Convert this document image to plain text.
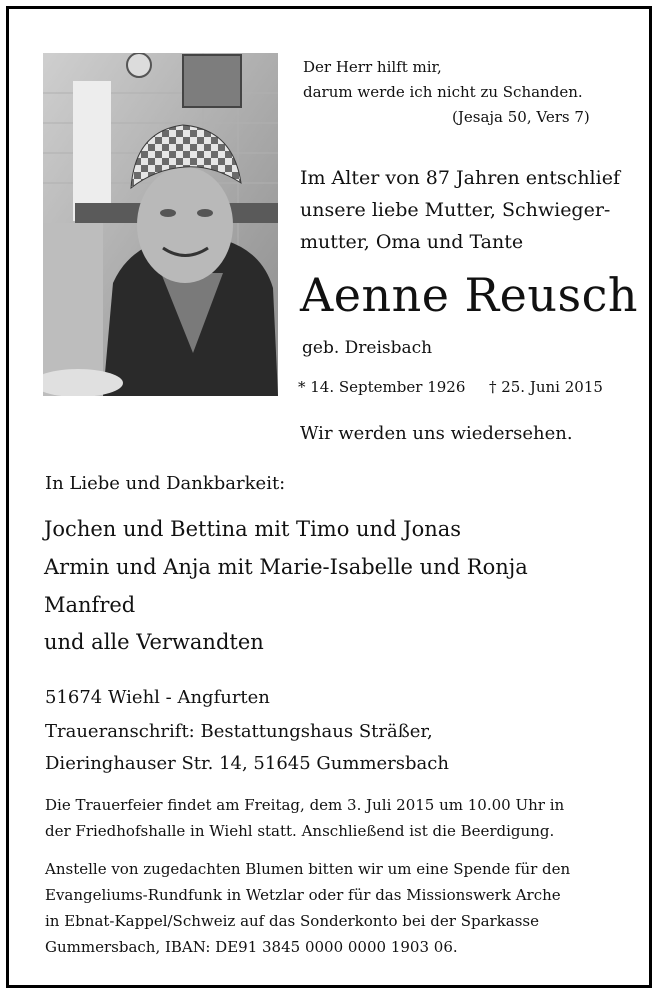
Der Herr hilft mir,
darum werde ich nicht zu Schanden.
(Jesaja 50, Vers 7)
Im Alter von 87 Jahren entschlief
unsere liebe Mutter, Schwieger-
mutter, Oma und Tante
Aenne Reusch
geb. Dreisbach
* 14. September 1926 † 25. Juni 2015
Wir werden uns wiedersehen.
In Liebe und Dankbarkeit:
Jochen und Bettina mit Timo und Jonas
Armin und Anja mit Marie-Isabelle und Ronja
Manfred
und alle Verwandten
51674 Wiehl - Angfurten
Traueranschrift: Bestattungshaus Sträßer,
Dieringhauser Str. 14, 51645 Gummersbach
Die Trauerfeier findet am Freitag, dem 3. Juli 2015 um 10.00 Uhr in
der Friedhofshalle in Wiehl statt. Anschließend ist die Beerdigung.
Anstelle von zugedachten Blumen bitten wir um eine Spende für den
Evangeliums-Rundfunk in Wetzlar oder für das Missionswerk Arche
in Ebnat-Kappel/Schweiz auf das Sonderkonto bei der Sparkasse
Gummersbach, IBAN: DE91 3845 0000 0000 1903 06.
